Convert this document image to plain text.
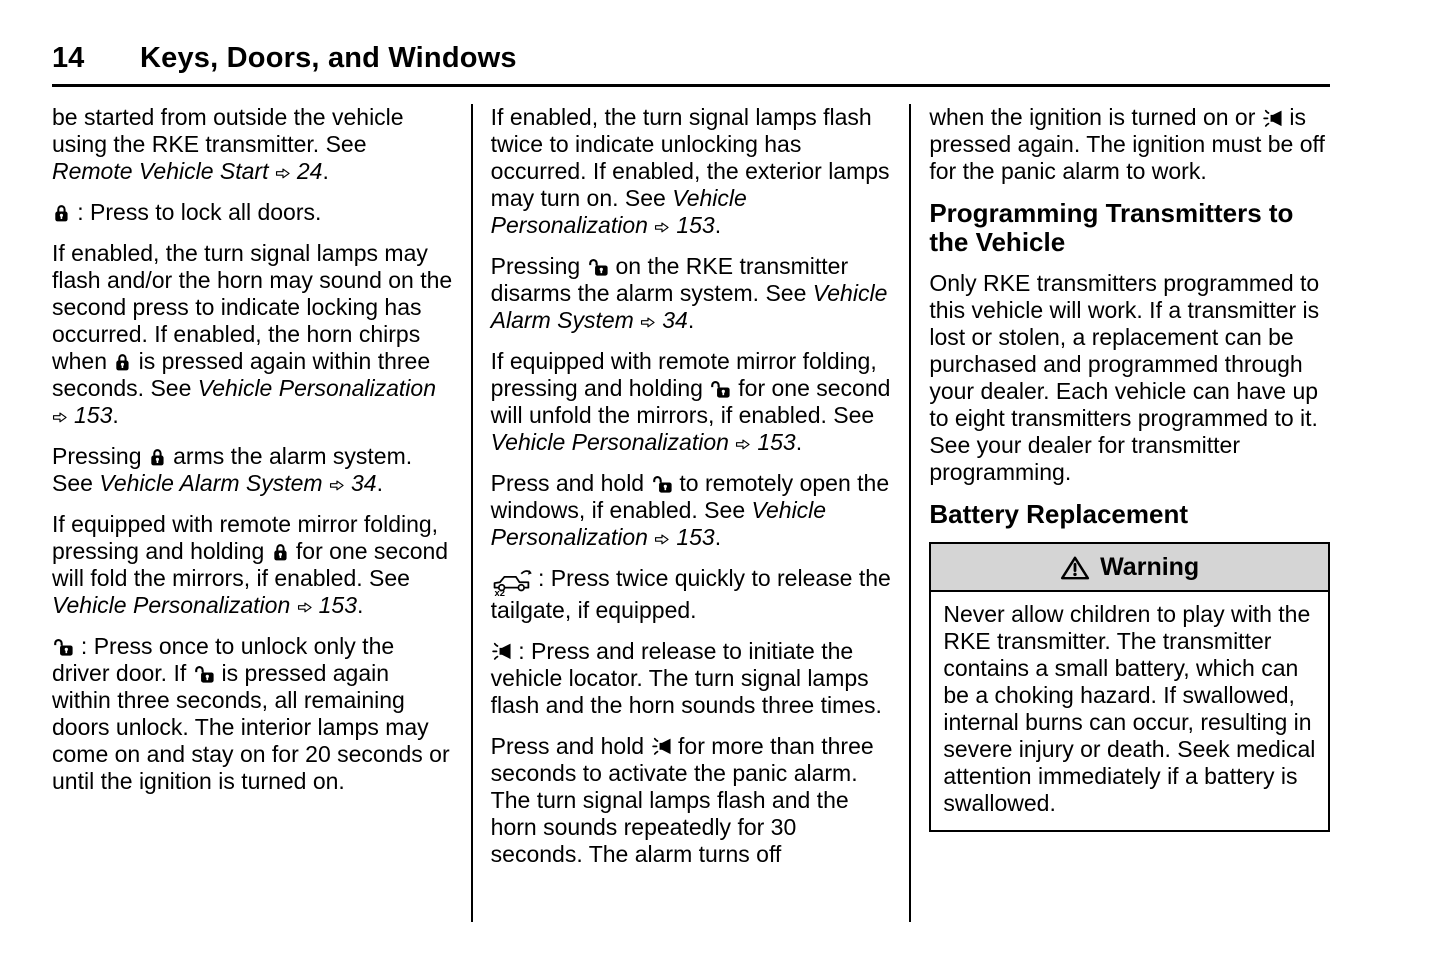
14	Keys, Doors, and Windows

be started from outside the vehicle using the RKE transmitter. See Remote Vehicle Start 24.

: Press to lock all doors.

If enabled, the turn signal lamps may flash and/or the horn may sound on the second press to indicate locking has occurred. If enabled, the horn chirps when  is pressed again within three seconds. See Vehicle Personalization  153.

Pressing  arms the alarm system. See Vehicle Alarm System 34.

If equipped with remote mirror folding, pressing and holding  for one second will fold the mirrors, if enabled. See Vehicle Personalization 153.

: Press once to unlock only the driver door. If  is pressed again within three seconds, all remaining doors unlock. The interior lamps may come on and stay on for 20 seconds or until the ignition is turned on.

If enabled, the turn signal lamps flash twice to indicate unlocking has occurred. If enabled, the exterior lamps may turn on. See Vehicle Personalization 153.

Pressing  on the RKE transmitter disarms the alarm system. See Vehicle Alarm System 34.

If equipped with remote mirror folding, pressing and holding  for one second will unfold the mirrors, if enabled. See Vehicle Personalization 153.

Press and hold  to remotely open the windows, if enabled. See Vehicle Personalization 153.

x2
: Press twice quickly to release the tailgate, if equipped.

: Press and release to initiate the vehicle locator. The turn signal lamps flash and the horn sounds three times.

Press and hold  for more than three seconds to activate the panic alarm. The turn signal lamps flash and the horn sounds repeatedly for 30 seconds. The alarm turns off

when the ignition is turned on or  is pressed again. The ignition must be off for the panic alarm to work.

Programming Transmitters to the Vehicle

Only RKE transmitters programmed to this vehicle will work. If a transmitter is lost or stolen, a replacement can be purchased and programmed through your dealer. Each vehicle can have up to eight transmitters programmed to it. See your dealer for transmitter programming.

Battery Replacement
Warning
Never allow children to play with the RKE transmitter. The transmitter contains a small battery, which can be a choking hazard. If swallowed, internal burns can occur, resulting in severe injury or death. Seek medical attention immediately if a battery is swallowed.
